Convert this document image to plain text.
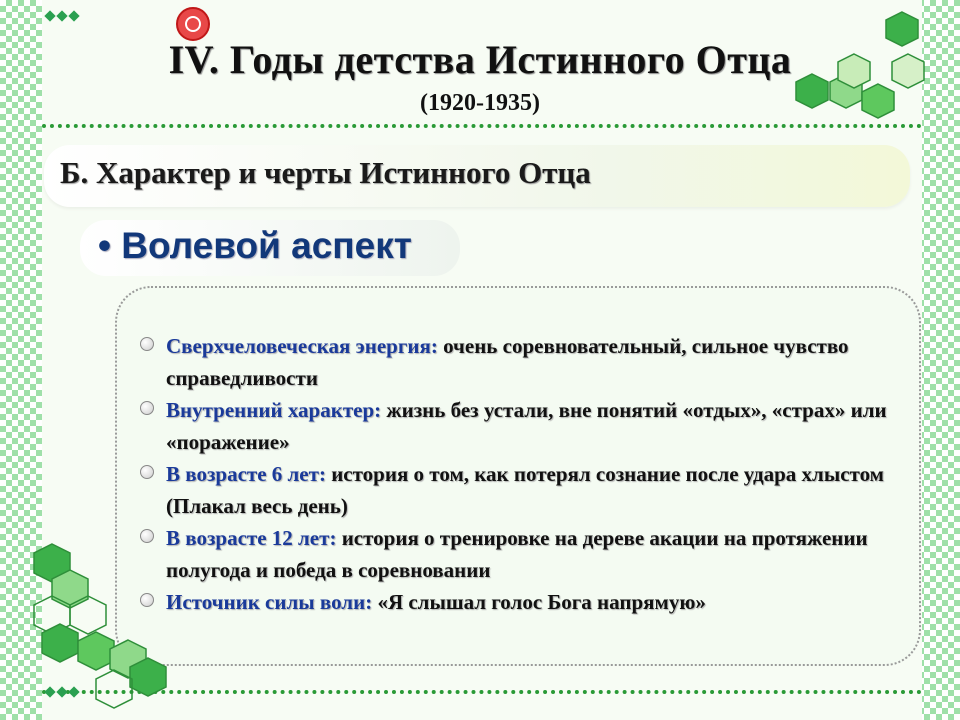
IV. Годы детства Истинного Отца
(1920-1935)
Б. Характер и черты Истинного Отца
• Волевой аспект
Сверхчеловеческая энергия: очень соревновательный, сильное чувство справедливости
Внутренний характер: жизнь без устали, вне понятий «отдых», «страх» или «поражение»
В возрасте 6 лет: история о том, как потерял сознание после удара хлыстом (Плакал весь день)
В возрасте 12 лет: история о тренировке на дереве акации на протяжении полугода и победа в соревновании
Источник силы воли: «Я слышал голос Бога напрямую»
